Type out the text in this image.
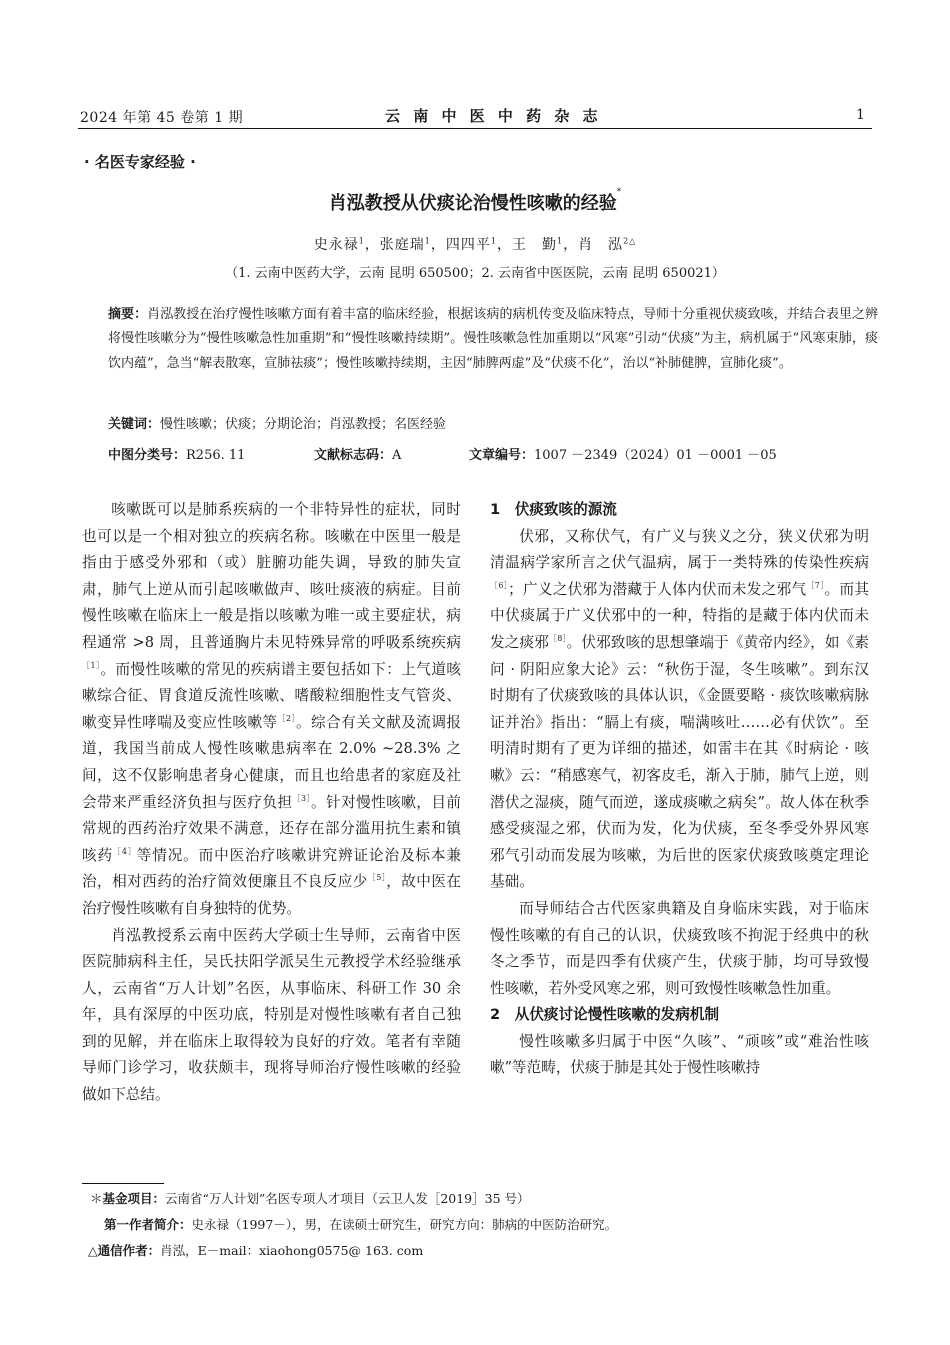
2024 年第 45 卷第 1 期	云 南 中 医 中 药 杂 志	1
· 名医专家经验 ·
肖泓教授从伏痰论治慢性咳嗽的经验*
史永禄$^1$，张庭瑞$^1$，四四平$^1$，王　勤$^1$，肖　泓$^{2\triangle}$
（1. 云南中医药大学，云南 昆明 650500；2. 云南省中医医院，云南 昆明 650021）
摘要：肖泓教授在治疗慢性咳嗽方面有着丰富的临床经验，根据该病的病机传变及临床特点，导师十分重视伏痰致咳，并结合表里之辨将慢性咳嗽分为“慢性咳嗽急性加重期”和“慢性咳嗽持续期”。慢性咳嗽急性加重期以“风寒”引动“伏痰”为主，病机属于“风寒束肺，痰饮内蕴”，急当“解表散寒，宣肺祛痰”；慢性咳嗽持续期，主因“肺脾两虚”及“伏痰不化”，治以“补肺健脾，宣肺化痰”。
关键词：慢性咳嗽；伏痰；分期论治；肖泓教授；名医经验
中图分类号：R256. 11	文献标志码：A	文章编号：1007 －2349（2024）01 －0001 －05

咳嗽既可以是肺系疾病的一个非特异性的症状，同时也可以是一个相对独立的疾病名称。咳嗽在中医里一般是指由于感受外邪和（或）脏腑功能失调，导致的肺失宣肃，肺气上逆从而引起咳嗽做声、咳吐痰液的病症。目前慢性咳嗽在临床上一般是指以咳嗽为唯一或主要症状，病程通常 >8 周，且普通胸片未见特殊异常的呼吸系统疾病$^{[1]}$。而慢性咳嗽的常见的疾病谱主要包括如下：上气道咳嗽综合征、胃食道反流性咳嗽、嗜酸粒细胞性支气管炎、嗽变异性哮喘及变应性咳嗽等$^{[2]}$。综合有关文献及流调报道，我国当前成人慢性咳嗽患病率在 2.0% ~28.3% 之间，这不仅影响患者身心健康，而且也给患者的家庭及社会带来严重经济负担与医疗负担$^{[3]}$。针对慢性咳嗽，目前常规的西药治疗效果不满意，还存在部分滥用抗生素和镇咳药$^{[4]}$等情况。而中医治疗咳嗽讲究辨证论治及标本兼治，相对西药的治疗简效便廉且不良反应少$^{[5]}$，故中医在治疗慢性咳嗽有自身独特的优势。

肖泓教授系云南中医药大学硕士生导师，云南省中医医院肺病科主任，吴氏扶阳学派吴生元教授学术经验继承人，云南省“万人计划”名医，从事临床、科研工作 30 余年，具有深厚的中医功底，特别是对慢性咳嗽有者自己独到的见解，并在临床上取得较为良好的疗效。笔者有幸随导师门诊学习，收获颇丰，现将导师治疗慢性咳嗽的经验做如下总结。

1　伏痰致咳的源流

伏邪，又称伏气，有广义与狭义之分，狭义伏邪为明清温病学家所言之伏气温病，属于一类特殊的传染性疾病$^{[6]}$；广义之伏邪为潜藏于人体内伏而未发之邪气$^{[7]}$。而其中伏痰属于广义伏邪中的一种，特指的是藏于体内伏而未发之痰邪$^{[8]}$。伏邪致咳的思想肇端于《黄帝内经》，如《素问 · 阴阳应象大论》云：“秋伤于湿，冬生咳嗽”。到东汉时期有了伏痰致咳的具体认识，《金匮要略 · 痰饮咳嗽病脉证并治》指出：“膈上有痰，喘满咳吐……必有伏饮”。至明清时期有了更为详细的描述，如雷丰在其《时病论 · 咳嗽》云：“稍感寒气，初客皮毛，渐入于肺，肺气上逆，则潜伏之湿痰，随气而逆，遂成痰嗽之病矣”。故人体在秋季感受痰湿之邪，伏而为发，化为伏痰，至冬季受外界风寒邪气引动而发展为咳嗽，为后世的医家伏痰致咳奠定理论基础。

而导师结合古代医家典籍及自身临床实践，对于临床慢性咳嗽的有自己的认识，伏痰致咳不拘泥于经典中的秋冬之季节，而是四季有伏痰产生，伏痰于肺，均可导致慢性咳嗽，若外受风寒之邪，则可致慢性咳嗽急性加重。

2　从伏痰讨论慢性咳嗽的发病机制

慢性咳嗽多归属于中医“久咳”、“顽咳”或“难治性咳嗽”等范畴，伏痰于肺是其处于慢性咳嗽持

＊基金项目：云南省“万人计划”名医专项人才项目（云卫人发［2019］35 号）
第一作者简介：史永禄（1997－），男，在读硕士研究生，研究方向：肺病的中医防治研究。
△通信作者：肖泓，E－mail：xiaohong0575@ 163. com
